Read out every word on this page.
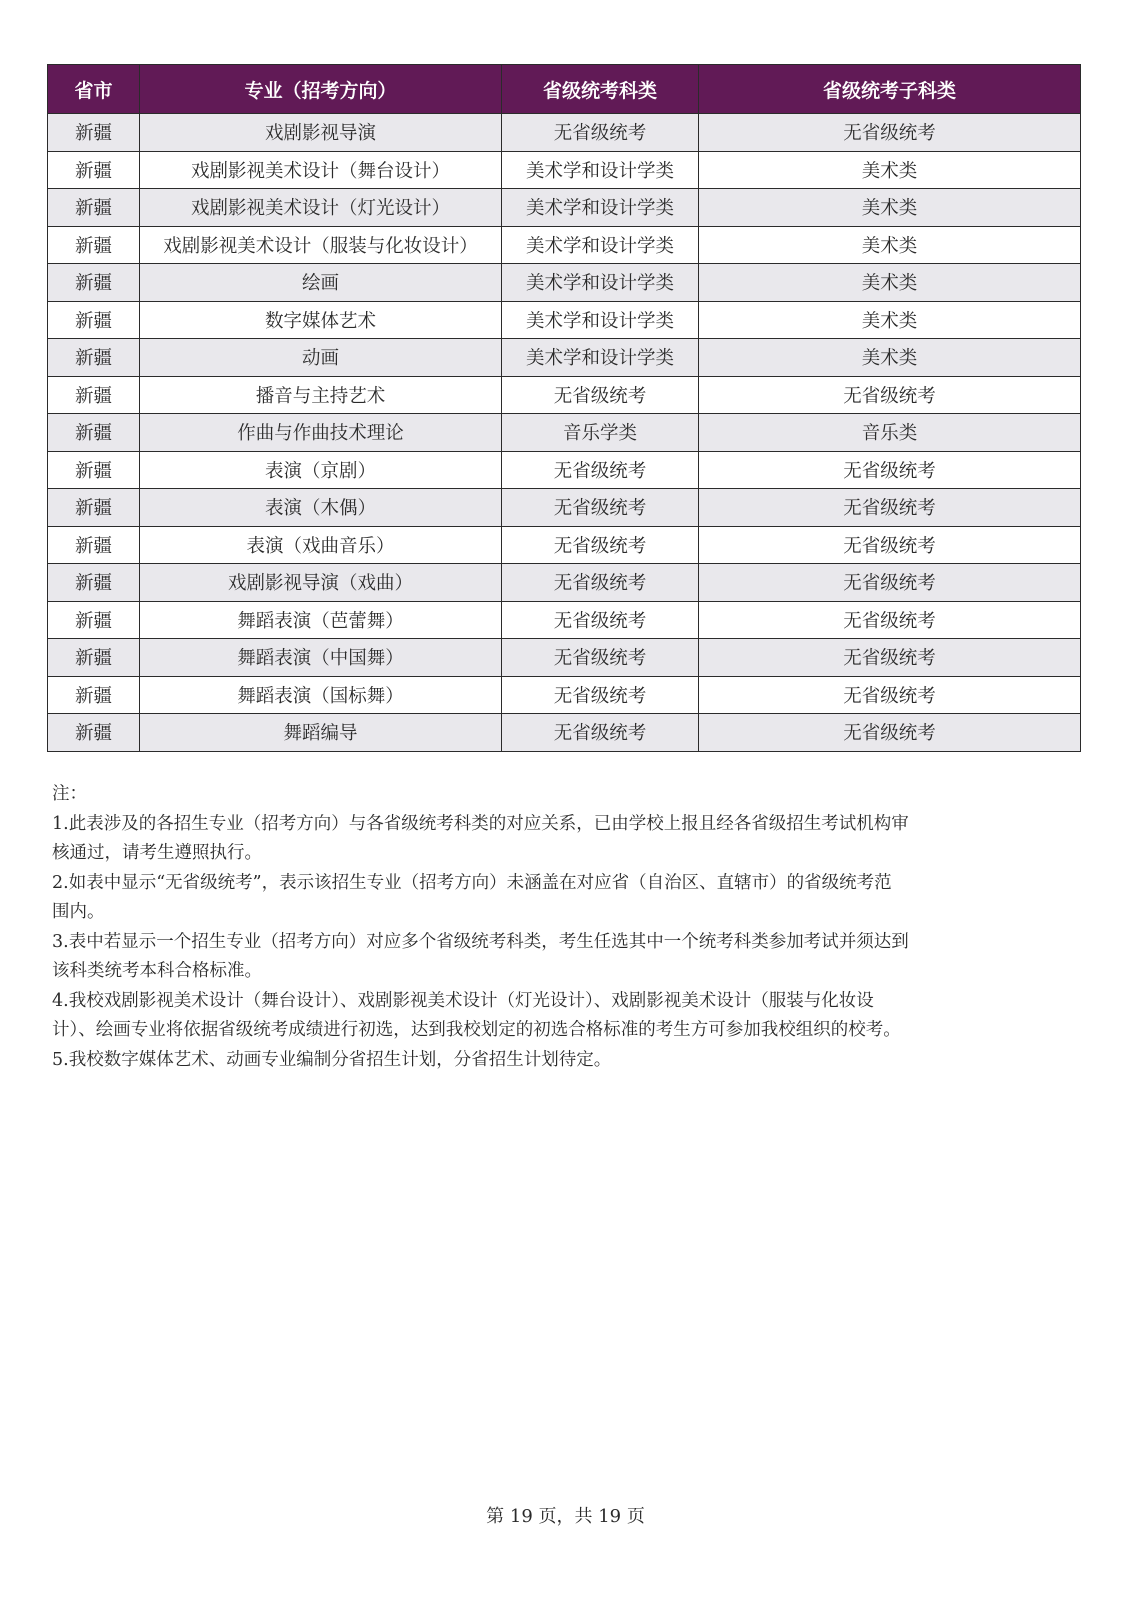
省市	专业（招考方向）	省级统考科类	省级统考子科类
新疆	戏剧影视导演	无省级统考	无省级统考
新疆	戏剧影视美术设计（舞台设计）	美术学和设计学类	美术类
新疆	戏剧影视美术设计（灯光设计）	美术学和设计学类	美术类
新疆	戏剧影视美术设计（服装与化妆设计）	美术学和设计学类	美术类
新疆	绘画	美术学和设计学类	美术类
新疆	数字媒体艺术	美术学和设计学类	美术类
新疆	动画	美术学和设计学类	美术类
新疆	播音与主持艺术	无省级统考	无省级统考
新疆	作曲与作曲技术理论	音乐学类	音乐类
新疆	表演（京剧）	无省级统考	无省级统考
新疆	表演（木偶）	无省级统考	无省级统考
新疆	表演（戏曲音乐）	无省级统考	无省级统考
新疆	戏剧影视导演（戏曲）	无省级统考	无省级统考
新疆	舞蹈表演（芭蕾舞）	无省级统考	无省级统考
新疆	舞蹈表演（中国舞）	无省级统考	无省级统考
新疆	舞蹈表演（国标舞）	无省级统考	无省级统考
新疆	舞蹈编导	无省级统考	无省级统考

注：

1.此表涉及的各招生专业（招考方向）与各省级统考科类的对应关系，已由学校上报且经各省级招生考试机构审

核通过，请考生遵照执行。

2.如表中显示“无省级统考”，表示该招生专业（招考方向）未涵盖在对应省（自治区、直辖市）的省级统考范

围内。

3.表中若显示一个招生专业（招考方向）对应多个省级统考科类，考生任选其中一个统考科类参加考试并须达到

该科类统考本科合格标准。

4.我校戏剧影视美术设计（舞台设计）、戏剧影视美术设计（灯光设计）、戏剧影视美术设计（服装与化妆设

计）、绘画专业将依据省级统考成绩进行初选，达到我校划定的初选合格标准的考生方可参加我校组织的校考。

5.我校数字媒体艺术、动画专业编制分省招生计划，分省招生计划待定。

第 19 页，共 19 页
